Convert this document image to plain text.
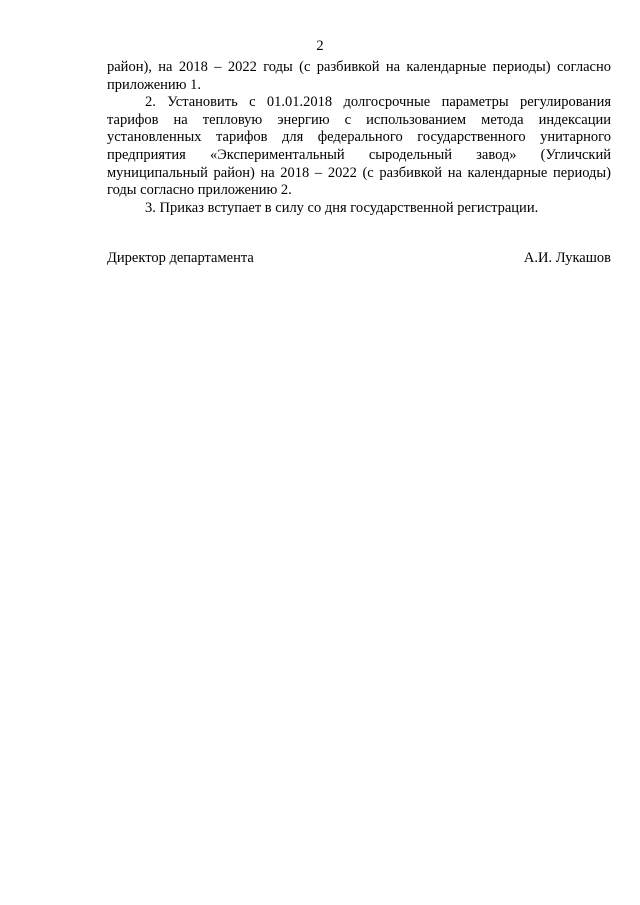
2

район), на 2018 – 2022 годы (с разбивкой на календарные периоды) согласно приложению 1.

2. Установить с 01.01.2018 долгосрочные параметры регулирования тарифов на тепловую энергию с использованием метода индексации установленных тарифов для федерального государственного унитарного предприятия «Экспериментальный сыродельный завод» (Угличский муниципальный район) на 2018 – 2022 (с разбивкой на календарные периоды) годы согласно приложению 2.

3. Приказ вступает в силу со дня государственной регистрации.

Директор департамента	А.И. Лукашов
